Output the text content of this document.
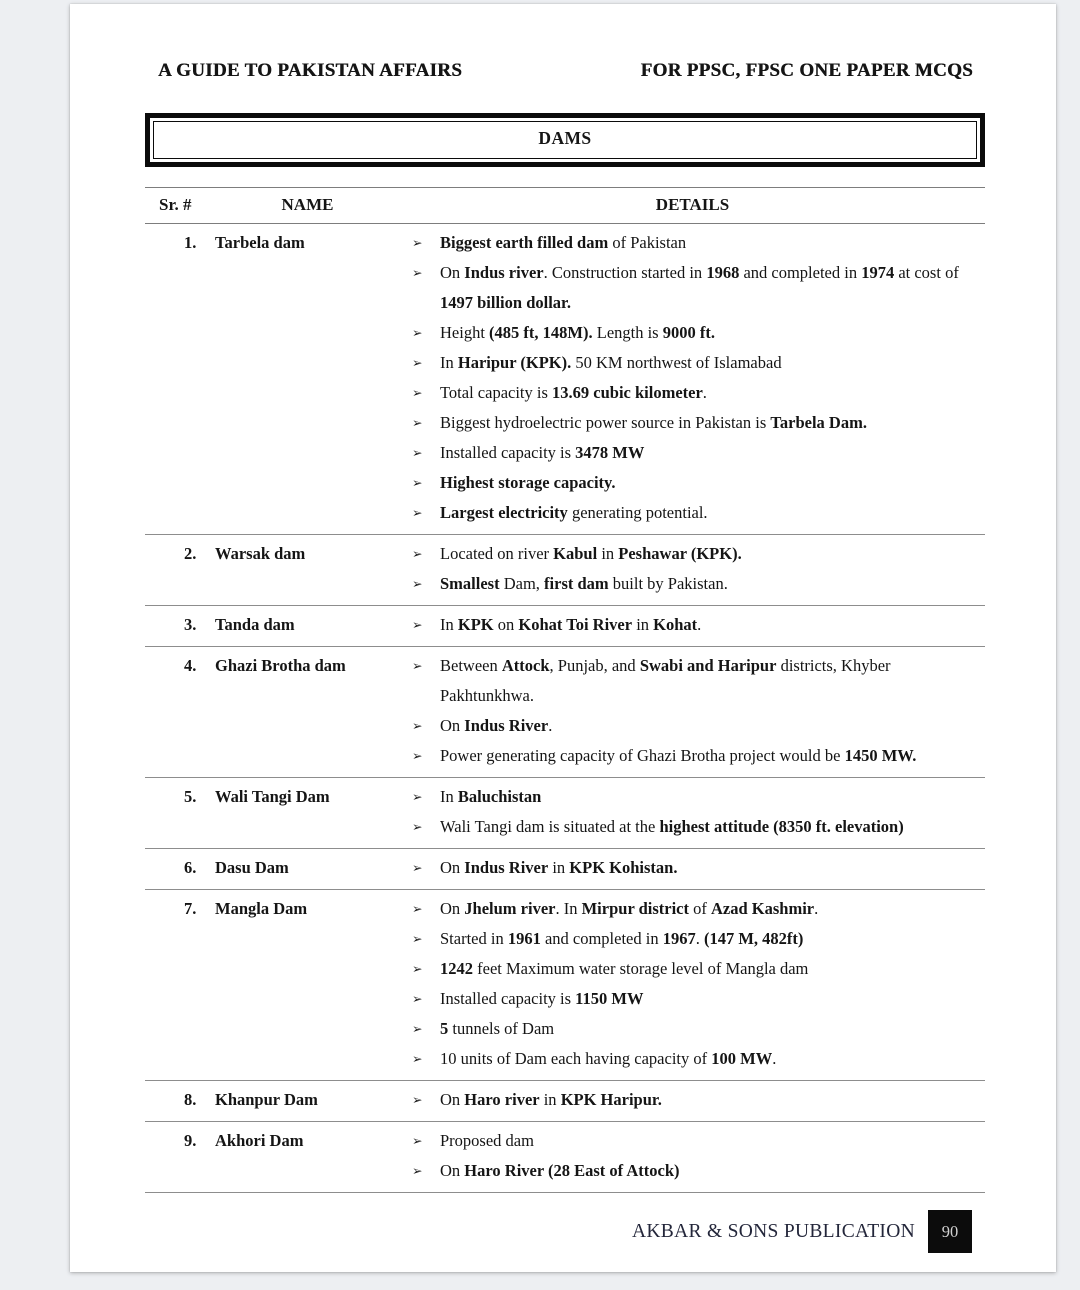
A GUIDE TO PAKISTAN AFFAIRS	FOR PPSC, FPSC ONE PAPER MCQS
DAMS
Sr. #	NAME	DETAILS
1.	Tarbela dam	➢	Biggest earth filled dam of Pakistan
➢	On Indus river. Construction started in 1968 and completed in 1974 at cost of 1497 billion dollar.
➢	Height (485 ft, 148M). Length is 9000 ft.
➢	In Haripur (KPK). 50 KM northwest of Islamabad
➢	Total capacity is 13.69 cubic kilometer.
➢	Biggest hydroelectric power source in Pakistan is Tarbela Dam.
➢	Installed capacity is 3478 MW
➢	Highest storage capacity.
➢	Largest electricity generating potential.
2.	Warsak dam	➢	Located on river Kabul in Peshawar (KPK).
➢	Smallest Dam, first dam built by Pakistan.
3.	Tanda dam	➢	In KPK on Kohat Toi River in Kohat.
4.	Ghazi Brotha dam	➢	Between Attock, Punjab, and Swabi and Haripur districts, Khyber Pakhtunkhwa.
➢	On Indus River.
➢	Power generating capacity of Ghazi Brotha project would be 1450 MW.
5.	Wali Tangi Dam	➢	In Baluchistan
➢	Wali Tangi dam is situated at the highest attitude (8350 ft. elevation)
6.	Dasu Dam	➢	On Indus River in KPK Kohistan.
7.	Mangla Dam	➢	On Jhelum river. In Mirpur district of Azad Kashmir.
➢	Started in 1961 and completed in 1967. (147 M, 482ft)
➢	1242 feet Maximum water storage level of Mangla dam
➢	Installed capacity is 1150 MW
➢	5 tunnels of Dam
➢	10 units of Dam each having capacity of 100 MW.
8.	Khanpur Dam	➢	On Haro river in KPK Haripur.
9.	Akhori Dam	➢	Proposed dam
➢	On Haro River (28 East of Attock)
AKBAR & SONS PUBLICATION	90
